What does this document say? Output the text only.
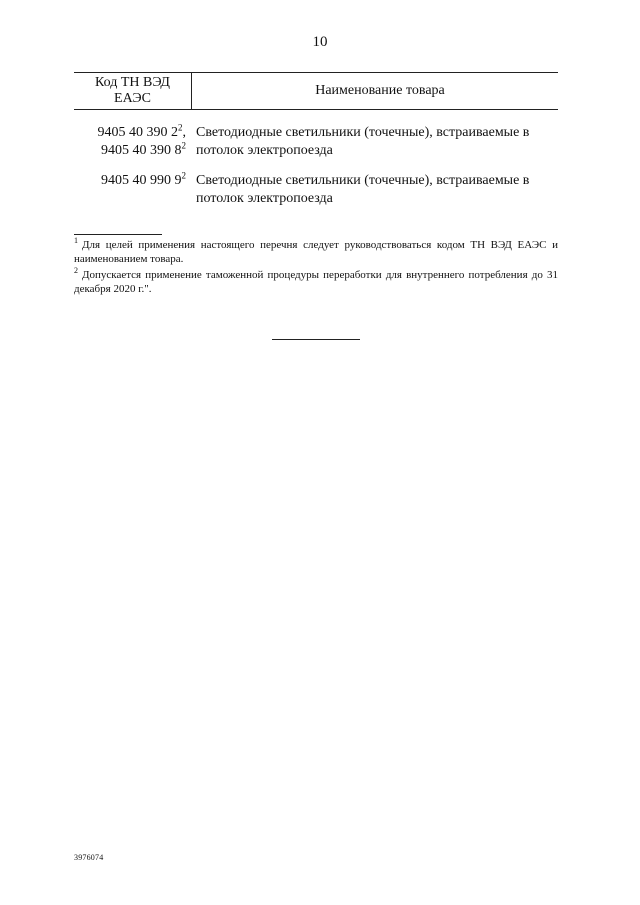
10
Код ТН ВЭД
ЕАЭС
Наименование товара
9405 40 390 $2^2$,
9405 40 390 $8^2$
Светодиодные светильники (точечные), встраиваемые в
потолок электропоезда
9405 40 990 $9^2$ Светодиодные светильники (точечные), встраиваемые в
потолок электропоезда

$^1$ Для целей применения настоящего перечня следует руководствоваться кодом ТН ВЭД ЕАЭС и наименованием товара.

$^2$ Допускается применение таможенной процедуры переработки для внутреннего потребления до 31 декабря 2020 г.".

3976074
